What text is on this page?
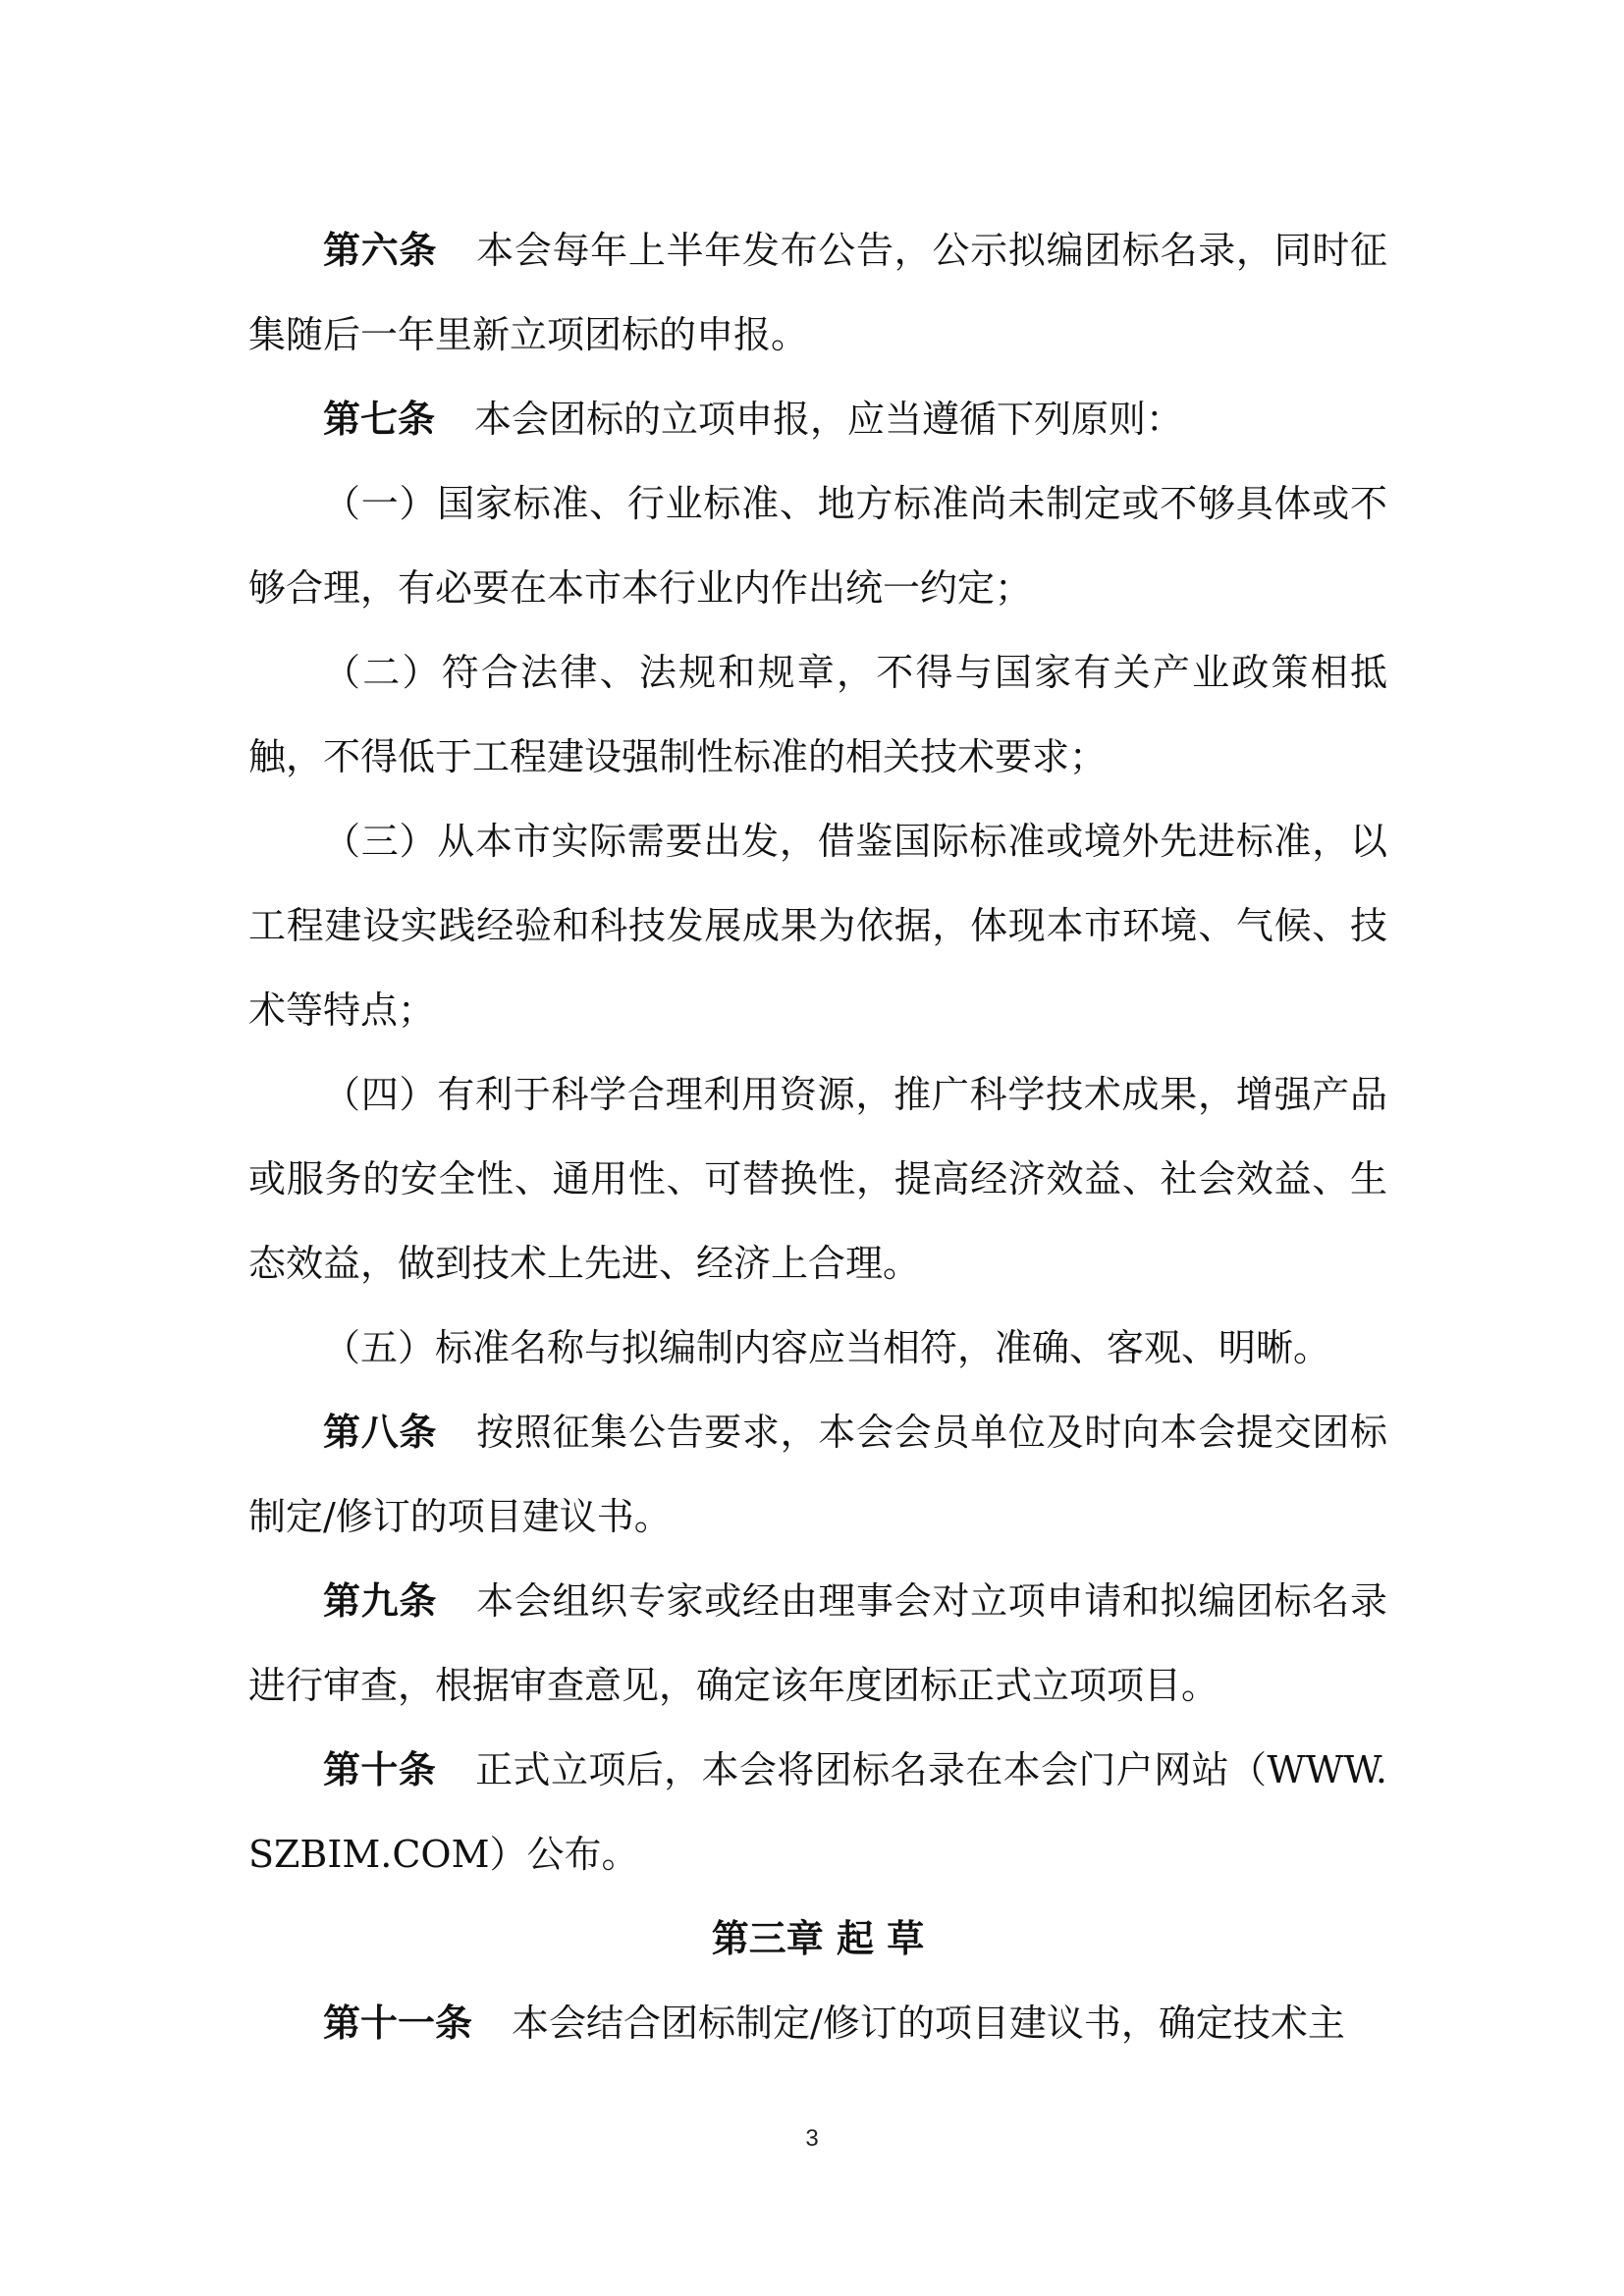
第六条 本会每年上半年发布公告，公示拟编团标名录，同时征集随后一年里新立项团标的申报。

第七条 本会团标的立项申报，应当遵循下列原则：

（一）国家标准、行业标准、地方标准尚未制定或不够具体或不够合理，有必要在本市本行业内作出统一约定；

（二）符合法律、法规和规章，不得与国家有关产业政策相抵触，不得低于工程建设强制性标准的相关技术要求；

（三）从本市实际需要出发，借鉴国际标准或境外先进标准，以工程建设实践经验和科技发展成果为依据，体现本市环境、气候、技术等特点；

（四）有利于科学合理利用资源，推广科学技术成果，增强产品或服务的安全性、通用性、可替换性，提高经济效益、社会效益、生态效益，做到技术上先进、经济上合理。

（五）标准名称与拟编制内容应当相符，准确、客观、明晰。

第八条 按照征集公告要求，本会会员单位及时向本会提交团标制定/修订的项目建议书。

第九条 本会组织专家或经由理事会对立项申请和拟编团标名录进行审查，根据审查意见，确定该年度团标正式立项项目。

第十条 正式立项后，本会将团标名录在本会门户网站（WWW.SZBIM.COM）公布。

第三章 起 草

第十一条 本会结合团标制定/修订的项目建议书，确定技术主

3
